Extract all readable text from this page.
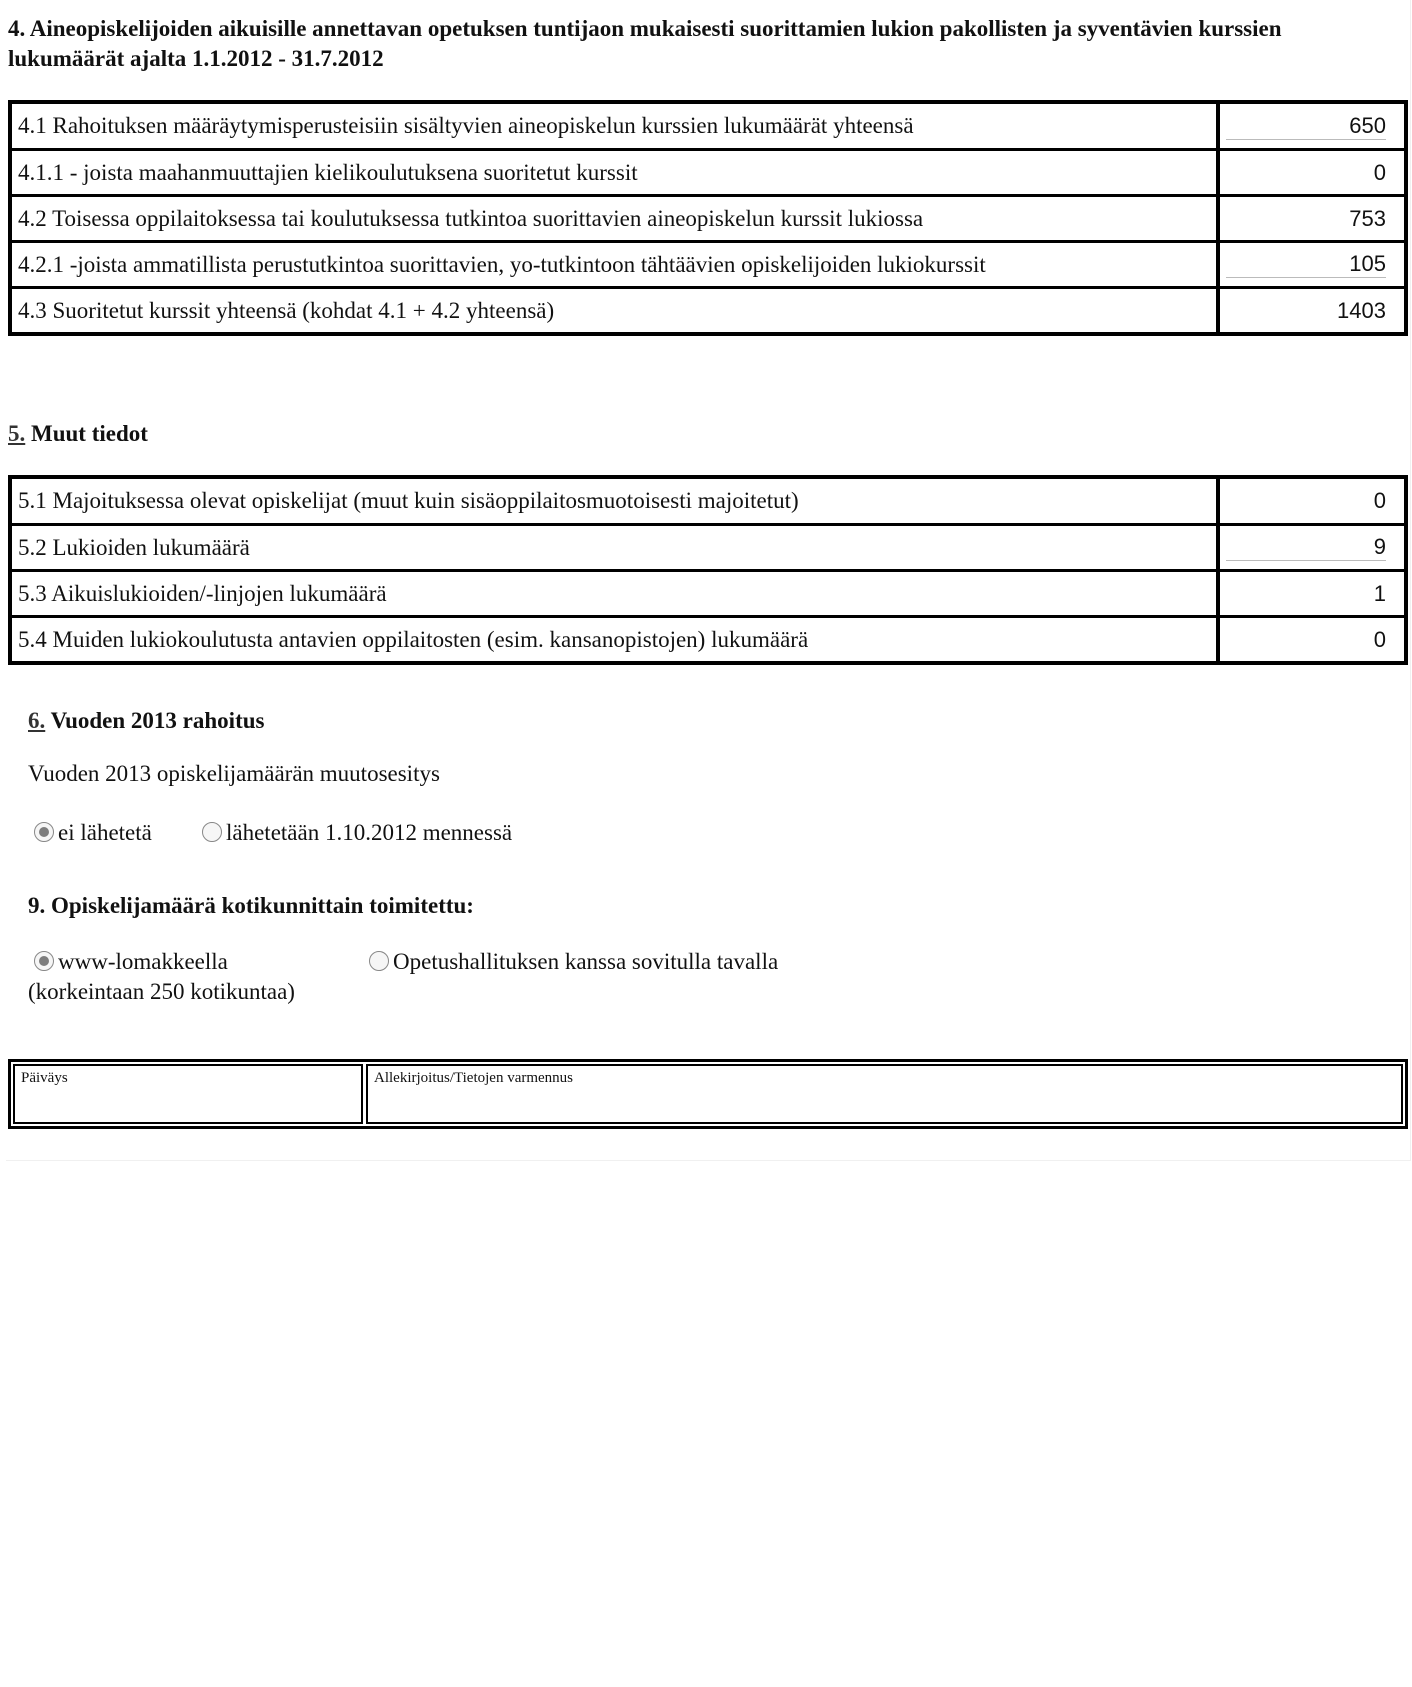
4. Aineopiskelijoiden aikuisille annettavan opetuksen tuntijaon mukaisesti suorittamien lukion pakollisten ja syventävien kurssien lukumäärät ajalta 1.1.2012 - 31.7.2012
4.1 Rahoituksen määräytymisperusteisiin sisältyvien aineopiskelun kurssien lukumäärät yhteensä	650
4.1.1 - joista maahanmuuttajien kielikoulutuksena suoritetut kurssit	0
4.2 Toisessa oppilaitoksessa tai koulutuksessa tutkintoa suorittavien aineopiskelun kurssit lukiossa	753
4.2.1 -joista ammatillista perustutkintoa suorittavien, yo-tutkintoon tähtäävien opiskelijoiden lukiokurssit	105
4.3 Suoritetut kurssit yhteensä (kohdat 4.1 + 4.2 yhteensä)	1403
5. Muut tiedot
5.1 Majoituksessa olevat opiskelijat (muut kuin sisäoppilaitosmuotoisesti majoitetut)	0
5.2 Lukioiden lukumäärä	9
5.3 Aikuislukioiden/-linjojen lukumäärä	1
5.4 Muiden lukiokoulutusta antavien oppilaitosten (esim. kansanopistojen) lukumäärä	0
6. Vuoden 2013 rahoitus
Vuoden 2013 opiskelijamäärän muutosesitys
ei lähetetä	lähetetään 1.10.2012 mennessä
9. Opiskelijamäärä kotikunnittain toimitettu:
www-lomakkeella
(korkeintaan 250 kotikuntaa)
Opetushallituksen kanssa sovitulla tavalla
Päiväys	Allekirjoitus/Tietojen varmennus
